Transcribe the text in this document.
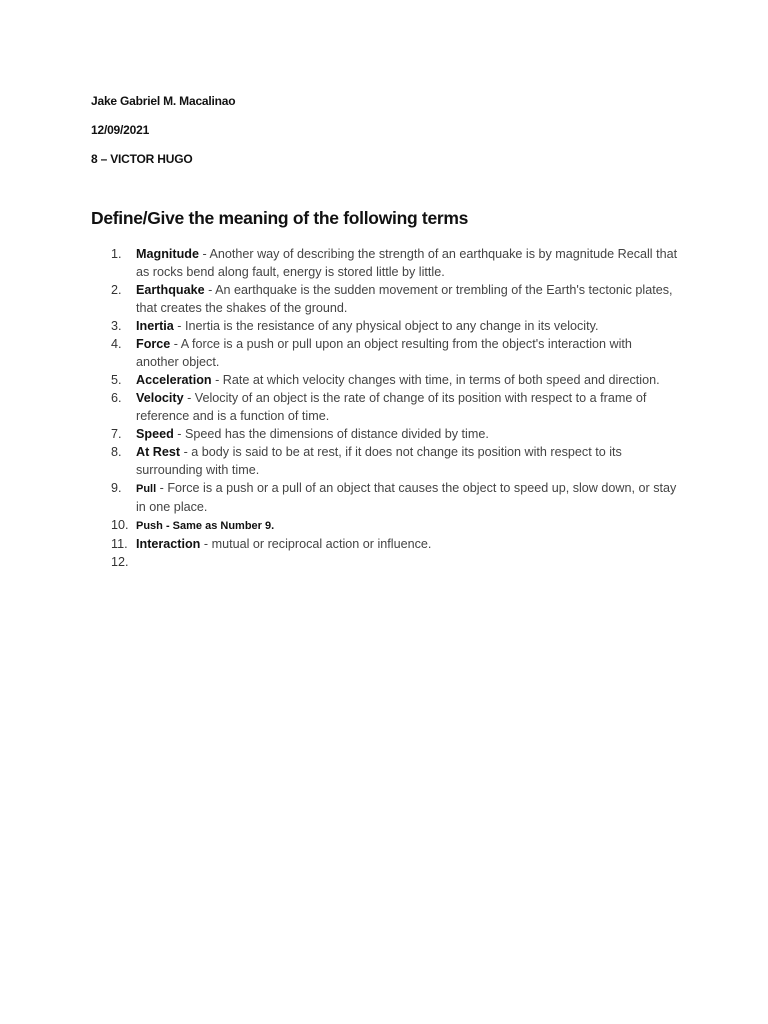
Jake Gabriel M. Macalinao
12/09/2021
8 – VICTOR HUGO
Define/Give the meaning of the following terms
1. Magnitude - Another way of describing the strength of an earthquake is by magnitude Recall that as rocks bend along fault, energy is stored little by little.
2. Earthquake - An earthquake is the sudden movement or trembling of the Earth's tectonic plates, that creates the shakes of the ground.
3. Inertia - Inertia is the resistance of any physical object to any change in its velocity.
4. Force - A force is a push or pull upon an object resulting from the object's interaction with another object.
5. Acceleration - Rate at which velocity changes with time, in terms of both speed and direction.
6. Velocity - Velocity of an object is the rate of change of its position with respect to a frame of reference and is a function of time.
7. Speed - Speed has the dimensions of distance divided by time.
8. At Rest - a body is said to be at rest, if it does not change its position with respect to its surrounding with time.
9. Pull - Force is a push or a pull of an object that causes the object to speed up, slow down, or stay in one place.
10. Push - Same as Number 9.
11. Interaction - mutual or reciprocal action or influence.
12.
